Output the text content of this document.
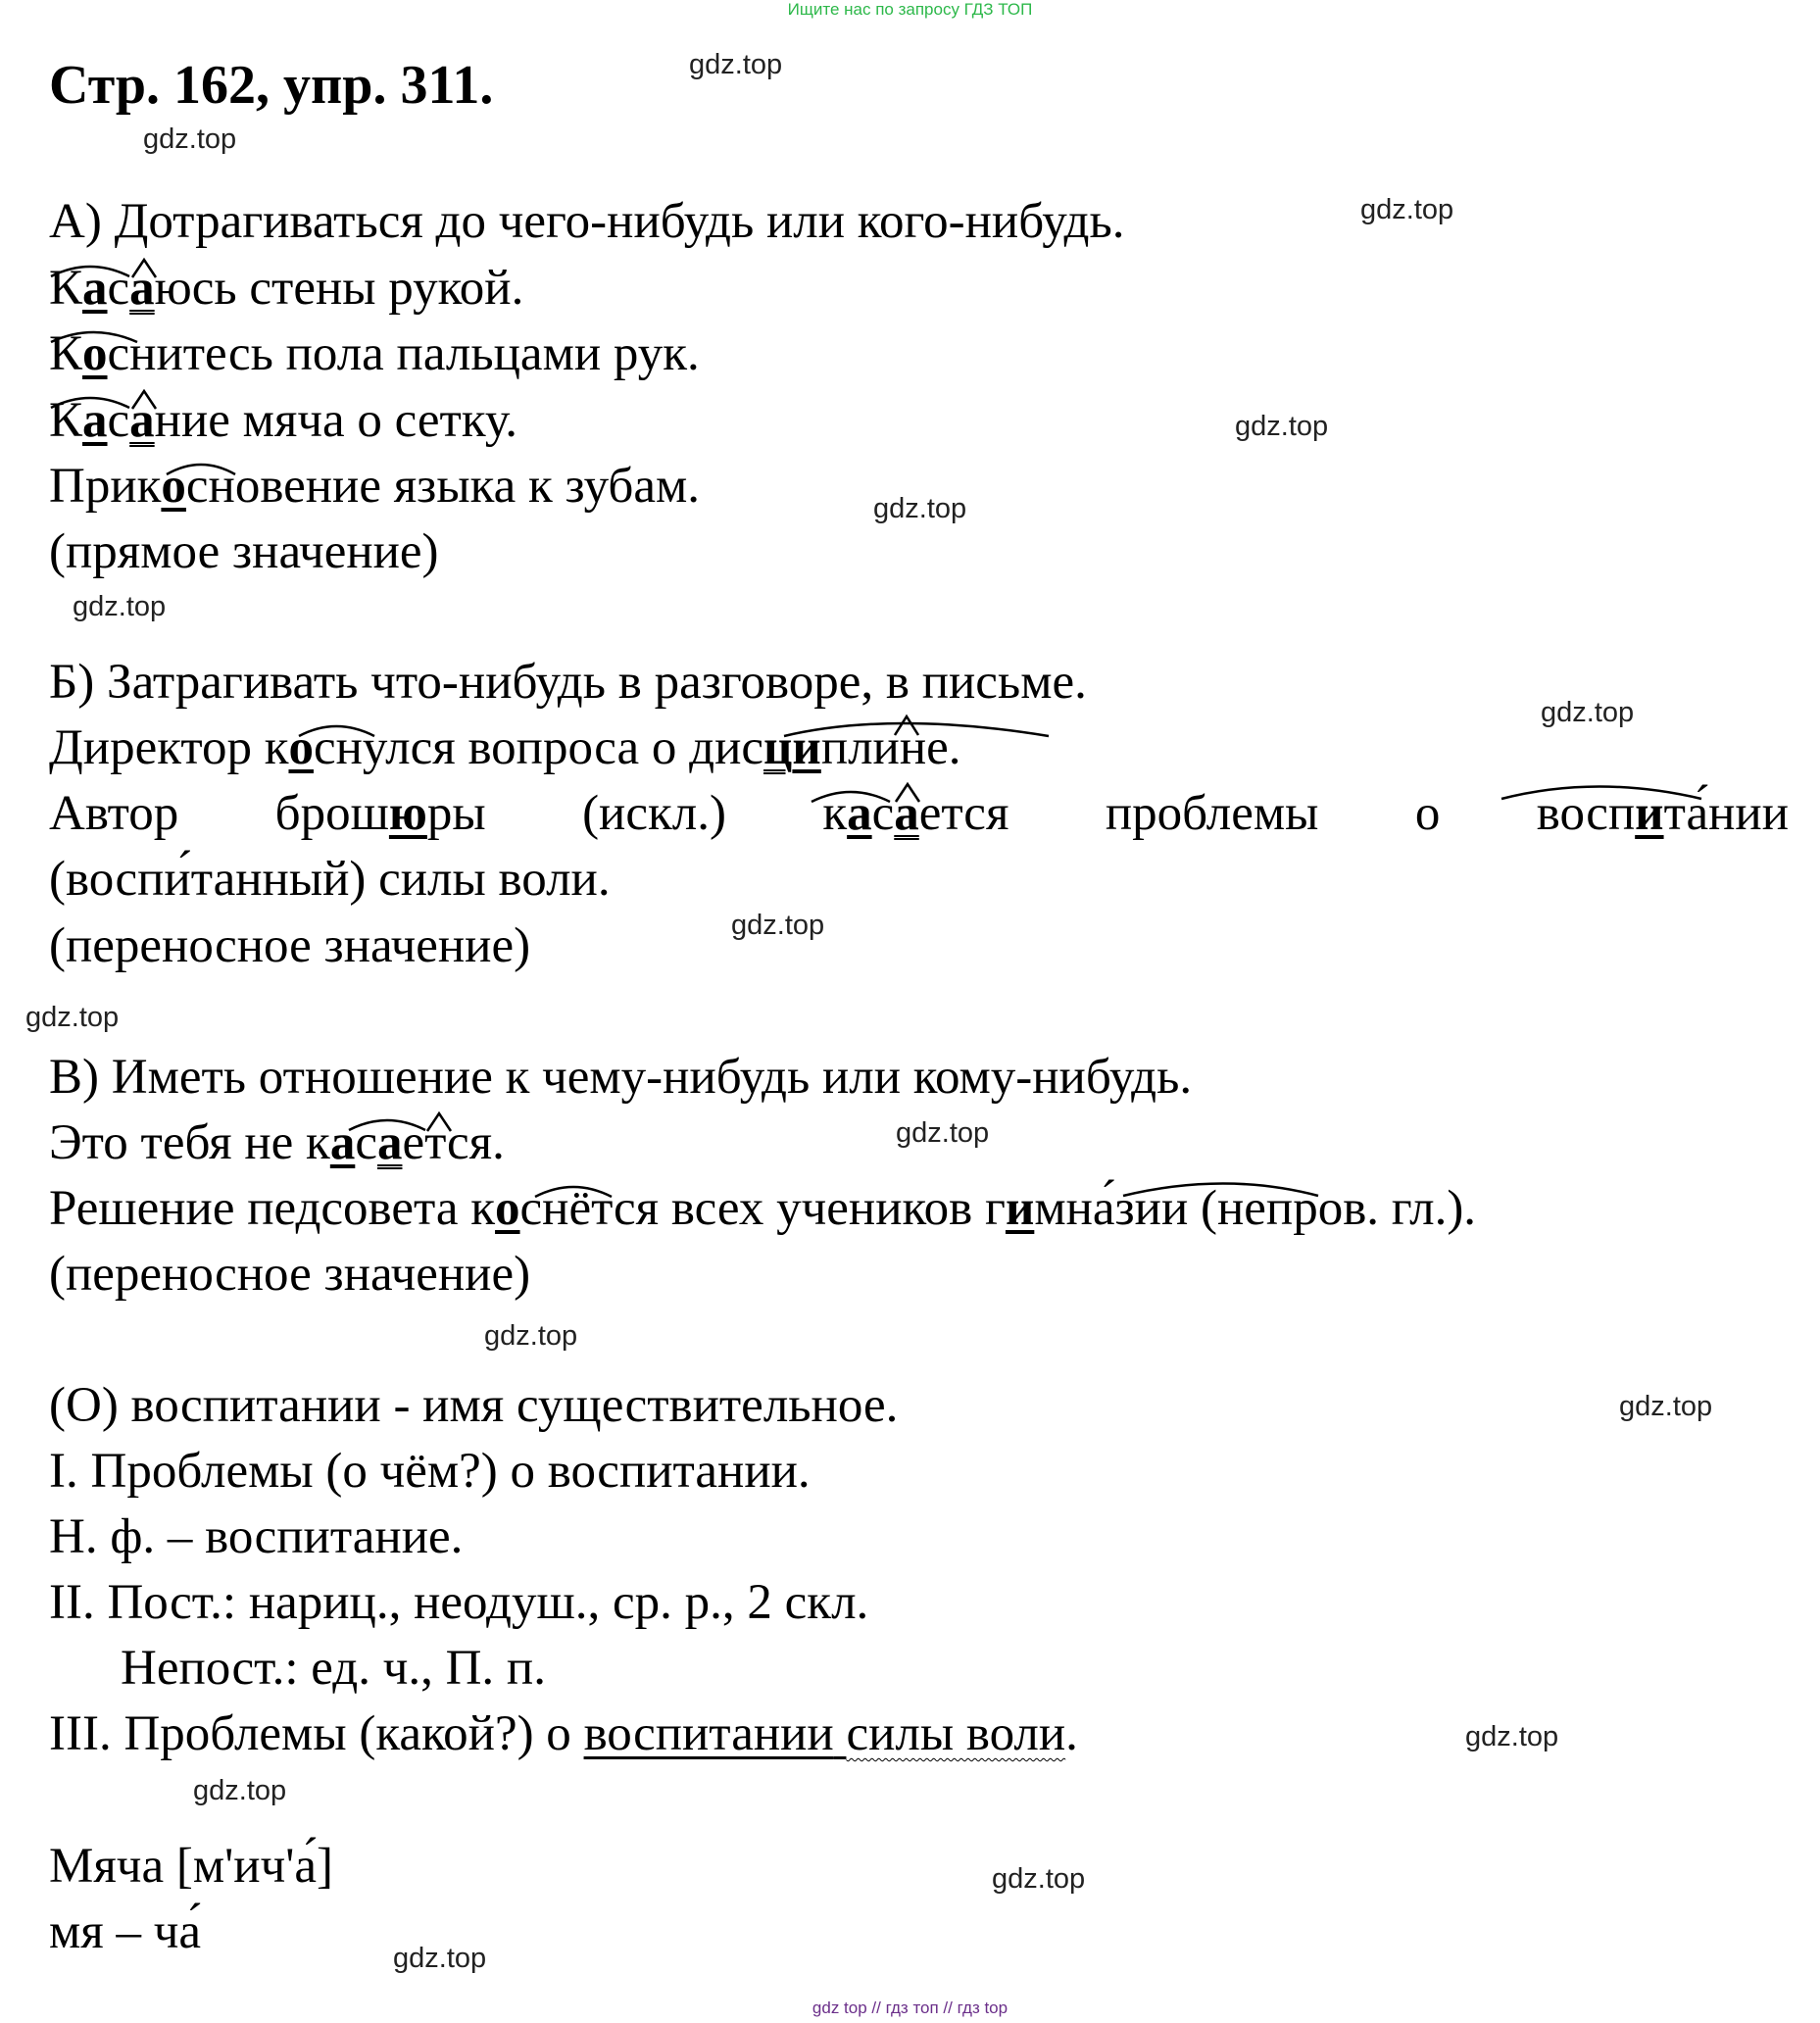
Ищите нас по запросу ГДЗ ТОП
Стр. 162, упр. 311.	gdz.top
gdz.top
gdz.top
gdz.top
gdz.top
gdz.top
gdz.top
gdz.top
gdz.top
gdz.top
gdz.top
gdz.top
gdz.top
gdz.top
gdz.top
gdz.top
А) Дотрагиваться до чего-нибудь или кого-нибудь.
Касаюсь стены рукой.
Коснитесь пола пальцами рук.
Касание мяча о сетку.
Прикосновение языка к зубам.
(прямое значение)
Б) Затрагивать что-нибудь в разговоре, в письме.
Директор коснулся вопроса о дисциплине.
Автор брошюры (искл.) касается проблемы о воспита́нии
(воспи́танный) силы воли.
(переносное значение)
В) Иметь отношение к чему-нибудь или кому-нибудь.
Это тебя не касается.
Решение педсовета коснётся всех учеников гимна́зии (непров. гл.).
(переносное значение)
(О) воспитании - имя существительное.
I. Проблемы (о чём?) о воспитании.
Н. ф. – воспитание.
II. Пост.: нариц., неодуш., ср. р., 2 скл.
Непост.: ед. ч., П. п.
III. Проблемы (какой?) о воспитании силы воли.
Мяча [м'ич'а́]
мя – ча́
gdz top // гдз топ // гдз top
